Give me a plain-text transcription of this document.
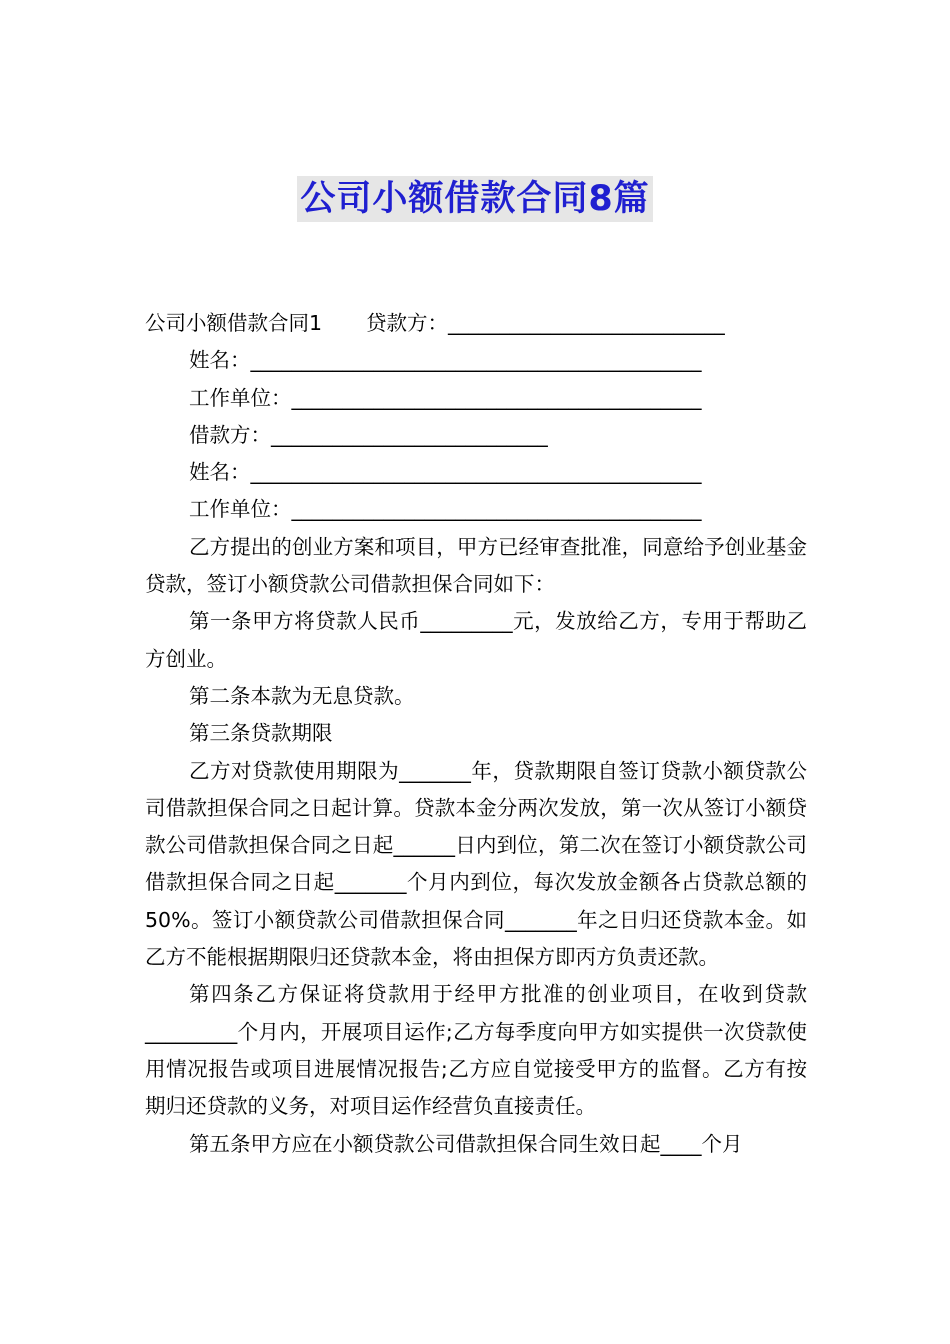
公司小额借款合同8篇
公司小额借款合同1 贷款方：___________________________
姓名：____________________________________________
工作单位：________________________________________
借款方：___________________________
姓名：____________________________________________
工作单位：________________________________________

乙方提出的创业方案和项目，甲方已经审查批准，同意给予创业基金贷款，签订小额贷款公司借款担保合同如下：

第一条甲方将贷款人民币_________元，发放给乙方，专用于帮助乙方创业。

第二条本款为无息贷款。

第三条贷款期限

乙方对贷款使用期限为_______年，贷款期限自签订贷款小额贷款公司借款担保合同之日起计算。贷款本金分两次发放，第一次从签订小额贷款公司借款担保合同之日起______日内到位，第二次在签订小额贷款公司借款担保合同之日起_______个月内到位，每次发放金额各占贷款总额的50%。签订小额贷款公司借款担保合同_______年之日归还贷款本金。如乙方不能根据期限归还贷款本金，将由担保方即丙方负责还款。

第四条乙方保证将贷款用于经甲方批准的创业项目，在收到贷款_________个月内，开展项目运作;乙方每季度向甲方如实提供一次贷款使用情况报告或项目进展情况报告;乙方应自觉接受甲方的监督。乙方有按期归还贷款的义务，对项目运作经营负直接责任。

第五条甲方应在小额贷款公司借款担保合同生效日起____个月
